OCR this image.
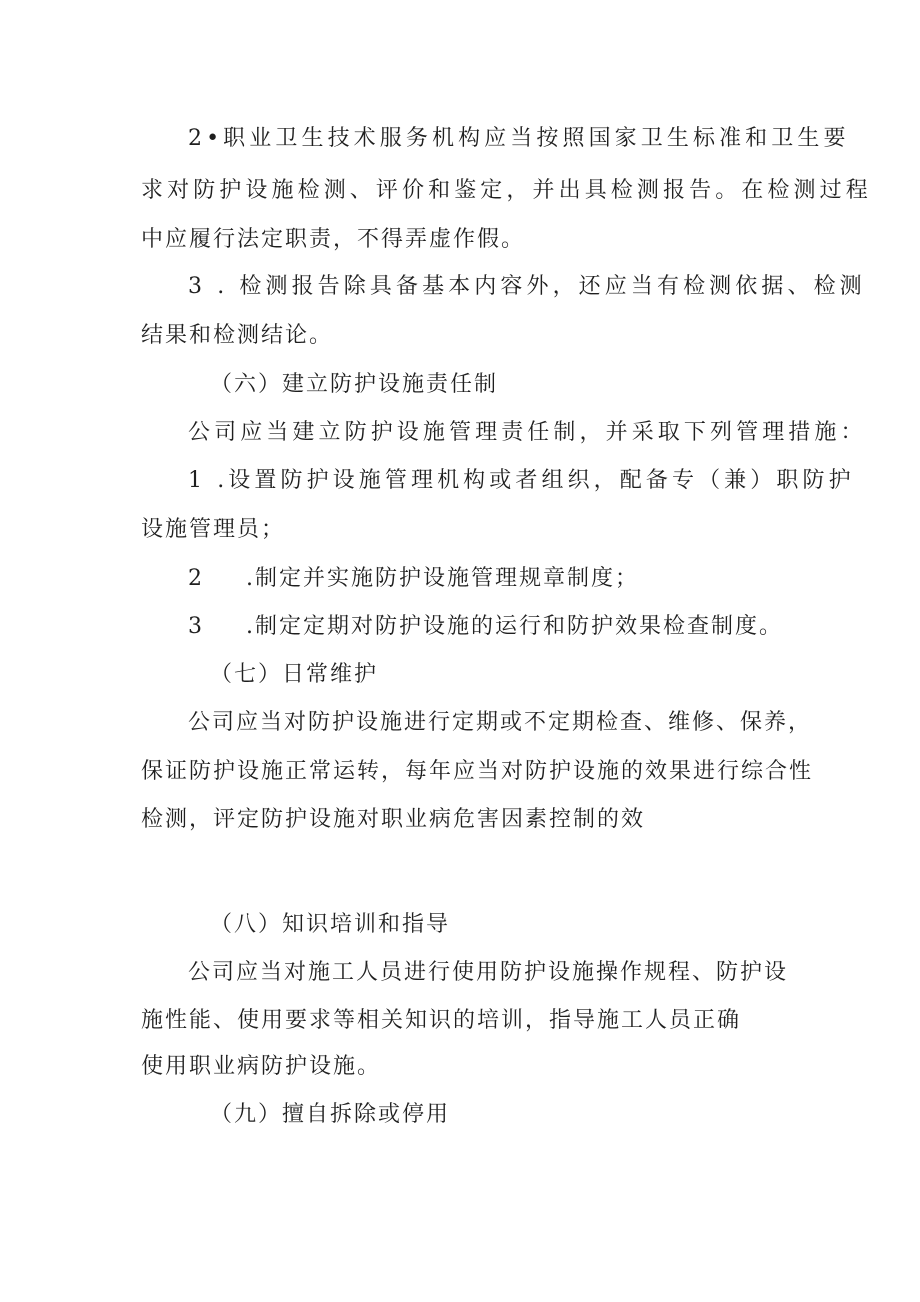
2•职业卫生技术服务机构应当按照国家卫生标准和卫生要
求对防护设施检测、评价和鉴定，并出具检测报告。在检测过程
中应履行法定职责，不得弄虚作假。
3 . 检测报告除具备基本内容外，还应当有检测依据、检测
结果和检测结论。
（六）建立防护设施责任制
公司应当建立防护设施管理责任制，并采取下列管理措施：
1 .设置防护设施管理机构或者组织，配备专（兼）职防护
设施管理员；
2 .制定并实施防护设施管理规章制度；
3 .制定定期对防护设施的运行和防护效果检查制度。
（七）日常维护
公司应当对防护设施进行定期或不定期检查、维修、保养，
保证防护设施正常运转，每年应当对防护设施的效果进行综合性
检测，评定防护设施对职业病危害因素控制的效
（八）知识培训和指导
公司应当对施工人员进行使用防护设施操作规程、防护设
施性能、使用要求等相关知识的培训，指导施工人员正确
使用职业病防护设施。
（九）擅自拆除或停用
